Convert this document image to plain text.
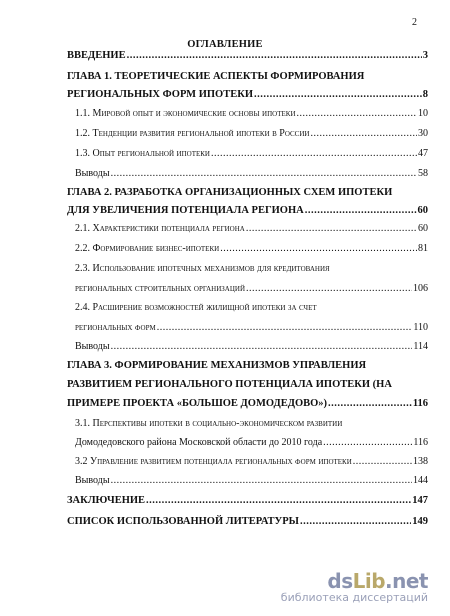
2
ОГЛАВЛЕНИЕ
ВВЕДЕНИЕ .....	3
ГЛАВА 1. ТЕОРЕТИЧЕСКИЕ АСПЕКТЫ ФОРМИРОВАНИЯ
РЕГИОНАЛЬНЫХ ФОРМ ИПОТЕКИ .....	8
1.1. Мировой опыт и экономические основы ипотеки .....	10
1.2. Тенденции развития региональной ипотеки в России .....	30
1.3. Опыт региональной ипотеки .....	47
Выводы .....	58
ГЛАВА 2. РАЗРАБОТКА ОРГАНИЗАЦИОННЫХ СХЕМ ИПОТЕКИ
ДЛЯ УВЕЛИЧЕНИЯ ПОТЕНЦИАЛА РЕГИОНА .....	60
2.1. Характеристики потенциала региона .....	60
2.2. Формирование бизнес-ипотеки .....	81
2.3. Использование ипотечных механизмов для кредитования
региональных строительных организаций .....	106
2.4. Расширение возможностей жилищной ипотеки за счет
региональных форм .....	110
Выводы .....	114
ГЛАВА 3. ФОРМИРОВАНИЕ МЕХАНИЗМОВ УПРАВЛЕНИЯ
РАЗВИТИЕМ РЕГИОНАЛЬНОГО ПОТЕНЦИАЛА ИПОТЕКИ (НА
ПРИМЕРЕ ПРОЕКТА «БОЛЬШОЕ ДОМОДЕДОВО») .....	116
3.1. Перспективы ипотеки в социально-экономическом развитии
Домодедовского района Московской области до 2010 года .....	116
3.2 Управление развитием потенциала региональных форм ипотеки .....	138
Выводы .....	144
ЗАКЛЮЧЕНИЕ .....	147
СПИСОК ИСПОЛЬЗОВАННОЙ ЛИТЕРАТУРЫ .....	149
dsLib.net
библиотека диссертаций
